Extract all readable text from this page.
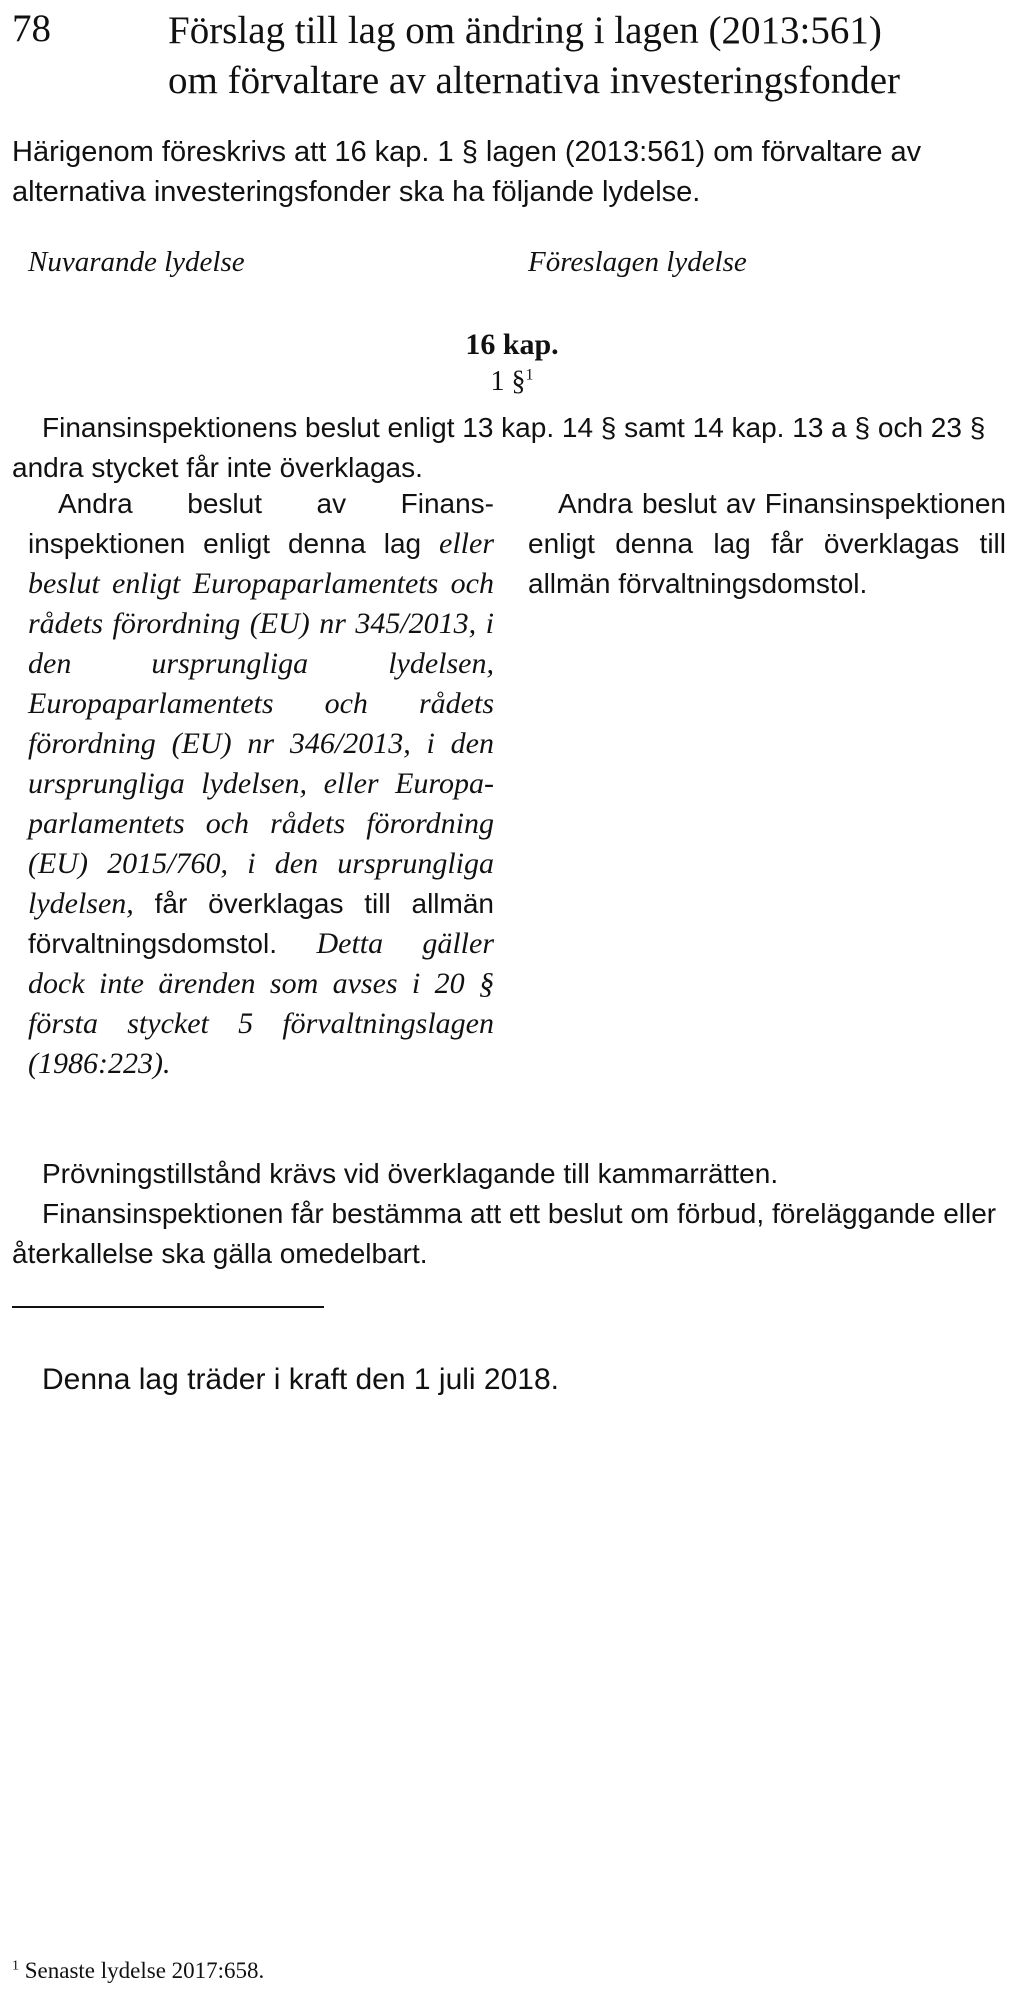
78	Förslag till lag om ändring i lagen (2013:561)
om förvaltare av alternativa investeringsfonder
Härigenom föreskrivs att 16 kap. 1 § lagen (2013:561) om förvaltare av alternativa investeringsfonder ska ha följande lydelse.
Nuvarande lydelse	Föreslagen lydelse
16 kap.
1 §$^1$
Finansinspektionens beslut enligt 13 kap. 14 § samt 14 kap. 13 a § och 23 § andra stycket får inte överklagas.
Andra beslut av Finansinspektionen enligt denna lag eller beslut enligt Europaparlamentets och rådets förordning (EU) nr 345/2013, i den ursprungliga lydelsen, Europaparlamentets och rådets förordning (EU) nr 346/2013, i den ursprungliga lydelsen, eller Europaparlamentets och rådets förordning (EU) 2015/760, i den ursprungliga lydelsen, får överklagas till allmän förvaltningsdomstol. Detta gäller dock inte ärenden som avses i 20 § första stycket 5 förvaltningslagen (1986:223).
Andra beslut av Finansinspektionen enligt denna lag får överklagas till allmän förvaltningsdomstol.
Prövningstillstånd krävs vid överklagande till kammarrätten.
Finansinspektionen får bestämma att ett beslut om förbud, föreläggande eller återkallelse ska gälla omedelbart.
Denna lag träder i kraft den 1 juli 2018.
$^1$ Senaste lydelse 2017:658.
